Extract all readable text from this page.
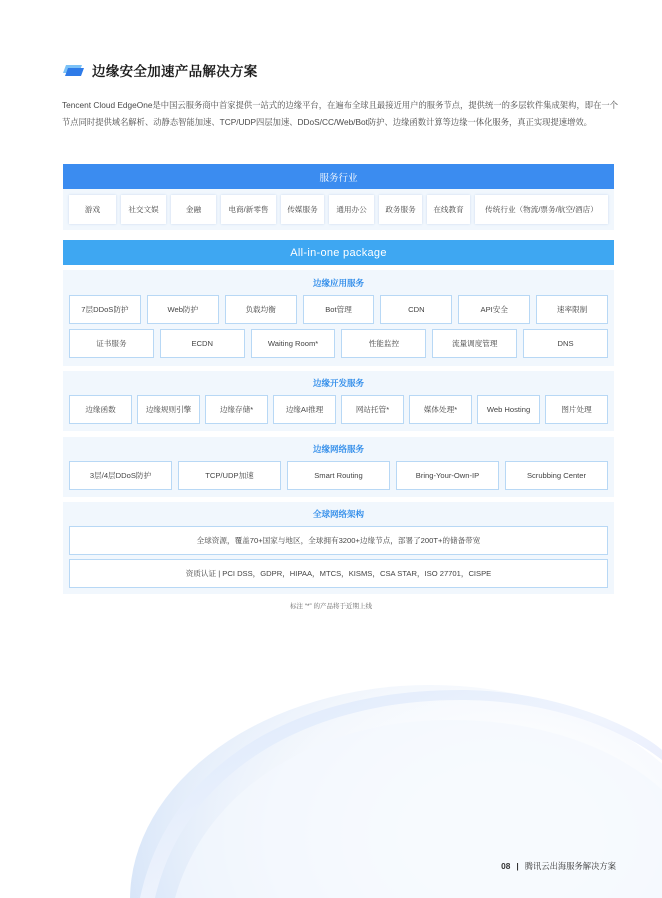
边缘安全加速产品解决方案

Tencent Cloud EdgeOne是中国云服务商中首家提供一站式的边缘平台，在遍布全球且最接近用户的服务节点，提供统一的多层软件集成架构，即在一个节点同时提供域名解析、动静态智能加速、TCP/UDP四层加速、DDoS/CC/Web/Bot防护、边缘函数计算等边缘一体化服务，真正实现提速增效。

服务行业
游戏	社交文娱	金融	电商/新零售	传媒服务	通用办公	政务服务	在线教育	传统行业（物流/票务/航空/酒店）
All-in-one package
边缘应用服务
7层DDoS防护	Web防护	负载均衡	Bot管理	CDN	API安全	速率限制
证书服务	ECDN	Waiting Room*	性能监控	流量调度管理	DNS
边缘开发服务
边缘函数	边缘规则引擎	边缘存储*	边缘AI推理	网站托管*	媒体处理*	Web Hosting	图片处理
边缘网络服务
3层/4层DDoS防护	TCP/UDP加速	Smart Routing	Bring-Your-Own-IP	Scrubbing Center
全球网络架构
全球资源，覆盖70+国家与地区，全球拥有3200+边缘节点，部署了200T+的储备带宽
资质认证 | PCI DSS，GDPR，HIPAA，MTCS，KISMS，CSA STAR，ISO 27701，CISPE
标注 “*” 的产品将于近期上线
08 | 腾讯云出海服务解决方案
